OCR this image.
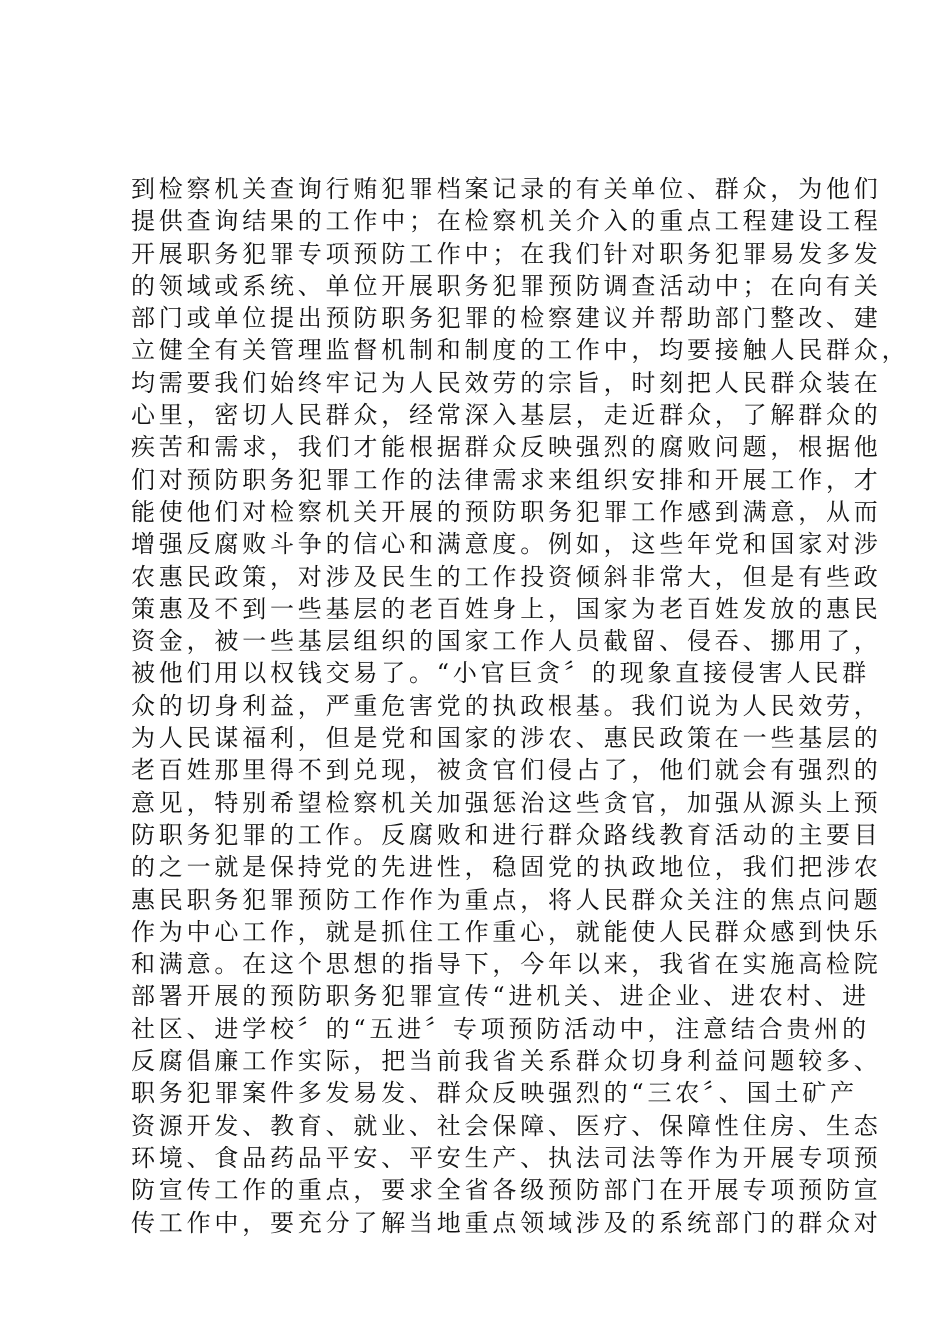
到检察机关查询行贿犯罪档案记录的有关单位、群众，为他们
提供查询结果的工作中；在检察机关介入的重点工程建设工程
开展职务犯罪专项预防工作中；在我们针对职务犯罪易发多发
的领域或系统、单位开展职务犯罪预防调查活动中；在向有关
部门或单位提出预防职务犯罪的检察建议并帮助部门整改、建
立健全有关管理监督机制和制度的工作中，均要接触人民群众，
均需要我们始终牢记为人民效劳的宗旨，时刻把人民群众装在
心里，密切人民群众，经常深入基层，走近群众，了解群众的
疾苦和需求，我们才能根据群众反映强烈的腐败问题，根据他
们对预防职务犯罪工作的法律需求来组织安排和开展工作，才
能使他们对检察机关开展的预防职务犯罪工作感到满意，从而
增强反腐败斗争的信心和满意度。例如，这些年党和国家对涉
农惠民政策，对涉及民生的工作投资倾斜非常大，但是有些政
策惠及不到一些基层的老百姓身上，国家为老百姓发放的惠民
资金，被一些基层组织的国家工作人员截留、侵吞、挪用了，
被他们用以权钱交易了。“小官巨贪〞的现象直接侵害人民群
众的切身利益，严重危害党的执政根基。我们说为人民效劳，
为人民谋福利，但是党和国家的涉农、惠民政策在一些基层的
老百姓那里得不到兑现，被贪官们侵占了，他们就会有强烈的
意见，特别希望检察机关加强惩治这些贪官，加强从源头上预
防职务犯罪的工作。反腐败和进行群众路线教育活动的主要目
的之一就是保持党的先进性，稳固党的执政地位，我们把涉农
惠民职务犯罪预防工作作为重点，将人民群众关注的焦点问题
作为中心工作，就是抓住工作重心，就能使人民群众感到快乐
和满意。在这个思想的指导下，今年以来，我省在实施高检院
部署开展的预防职务犯罪宣传“进机关、进企业、进农村、进
社区、进学校〞的“五进〞专项预防活动中，注意结合贵州的
反腐倡廉工作实际，把当前我省关系群众切身利益问题较多、
职务犯罪案件多发易发、群众反映强烈的“三农〞、国土矿产
资源开发、教育、就业、社会保障、医疗、保障性住房、生态
环境、食品药品平安、平安生产、执法司法等作为开展专项预
防宣传工作的重点，要求全省各级预防部门在开展专项预防宣
传工作中，要充分了解当地重点领域涉及的系统部门的群众对
